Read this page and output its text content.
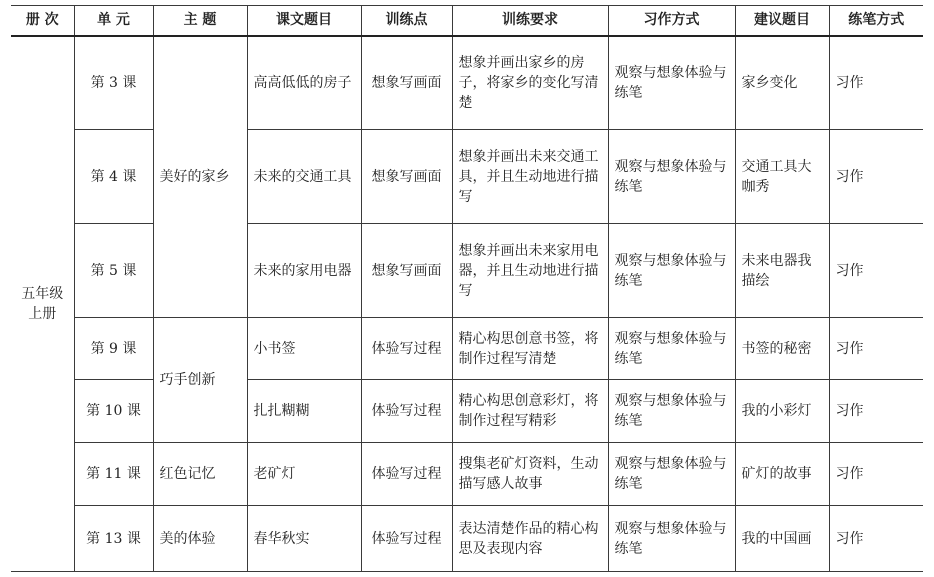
册 次	单 元	主 题	课文题目	训练点	训练要求	习作方式	建议题目	练笔方式
五年级上册	第 3 课	美好的家乡	高高低低的房子	想象写画面	想象并画出家乡的房子，将家乡的变化写清楚	观察与想象体验与练笔	家乡变化	习作
	第 4 课		未来的交通工具	想象写画面	想象并画出未来交通工具，并且生动地进行描写	观察与想象体验与练笔	交通工具大咖秀	习作
	第 5 课		未来的家用电器	想象写画面	想象并画出未来家用电器，并且生动地进行描写	观察与想象体验与练笔	未来电器我描绘	习作
	第 9 课	巧手创新	小书签	体验写过程	精心构思创意书签，将制作过程写清楚	观察与想象体验与练笔	书签的秘密	习作
	第 10 课		扎扎糊糊	体验写过程	精心构思创意彩灯，将制作过程写精彩	观察与想象体验与练笔	我的小彩灯	习作
	第 11 课	红色记忆	老矿灯	体验写过程	搜集老矿灯资料，生动描写感人故事	观察与想象体验与练笔	矿灯的故事	习作
	第 13 课	美的体验	春华秋实	体验写过程	表达清楚作品的精心构思及表现内容	观察与想象体验与练笔	我的中国画	习作
